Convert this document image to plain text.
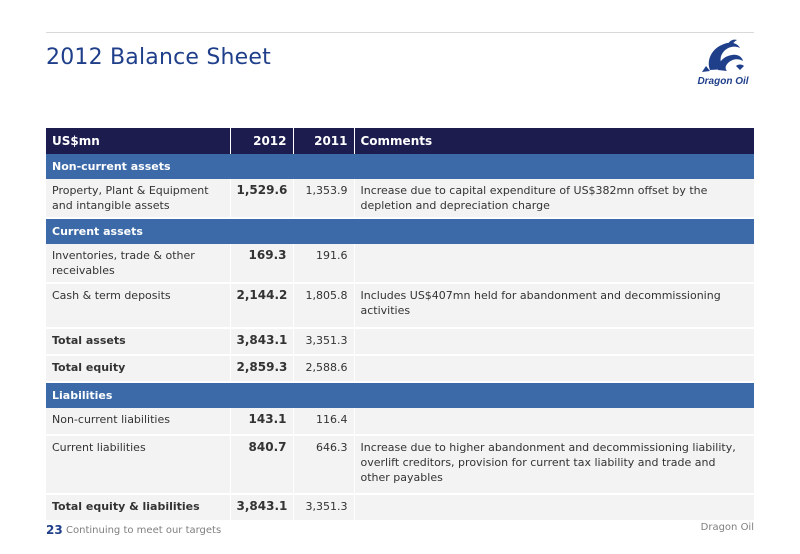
2012 Balance Sheet
Dragon Oil
US$mn	2012	2011	Comments
Non-current assets			
Property, Plant & Equipment and intangible assets	1,529.6	1,353.9	Increase due to capital expenditure of US$382mn offset by the depletion and depreciation charge
Current assets			
Inventories, trade & other receivables	169.3	191.6	
Cash & term deposits	2,144.2	1,805.8	Includes US$407mn held for abandonment and decommissioning activities
Total assets	3,843.1	3,351.3	
Total equity	2,859.3	2,588.6	
Liabilities			
Non-current liabilities	143.1	116.4	
Current liabilities	840.7	646.3	Increase due to higher abandonment and decommissioning liability, overlift creditors, provision for current tax liability and trade and other payables
Total equity & liabilities	3,843.1	3,351.3	
23 Continuing to meet our targets	Dragon Oil
